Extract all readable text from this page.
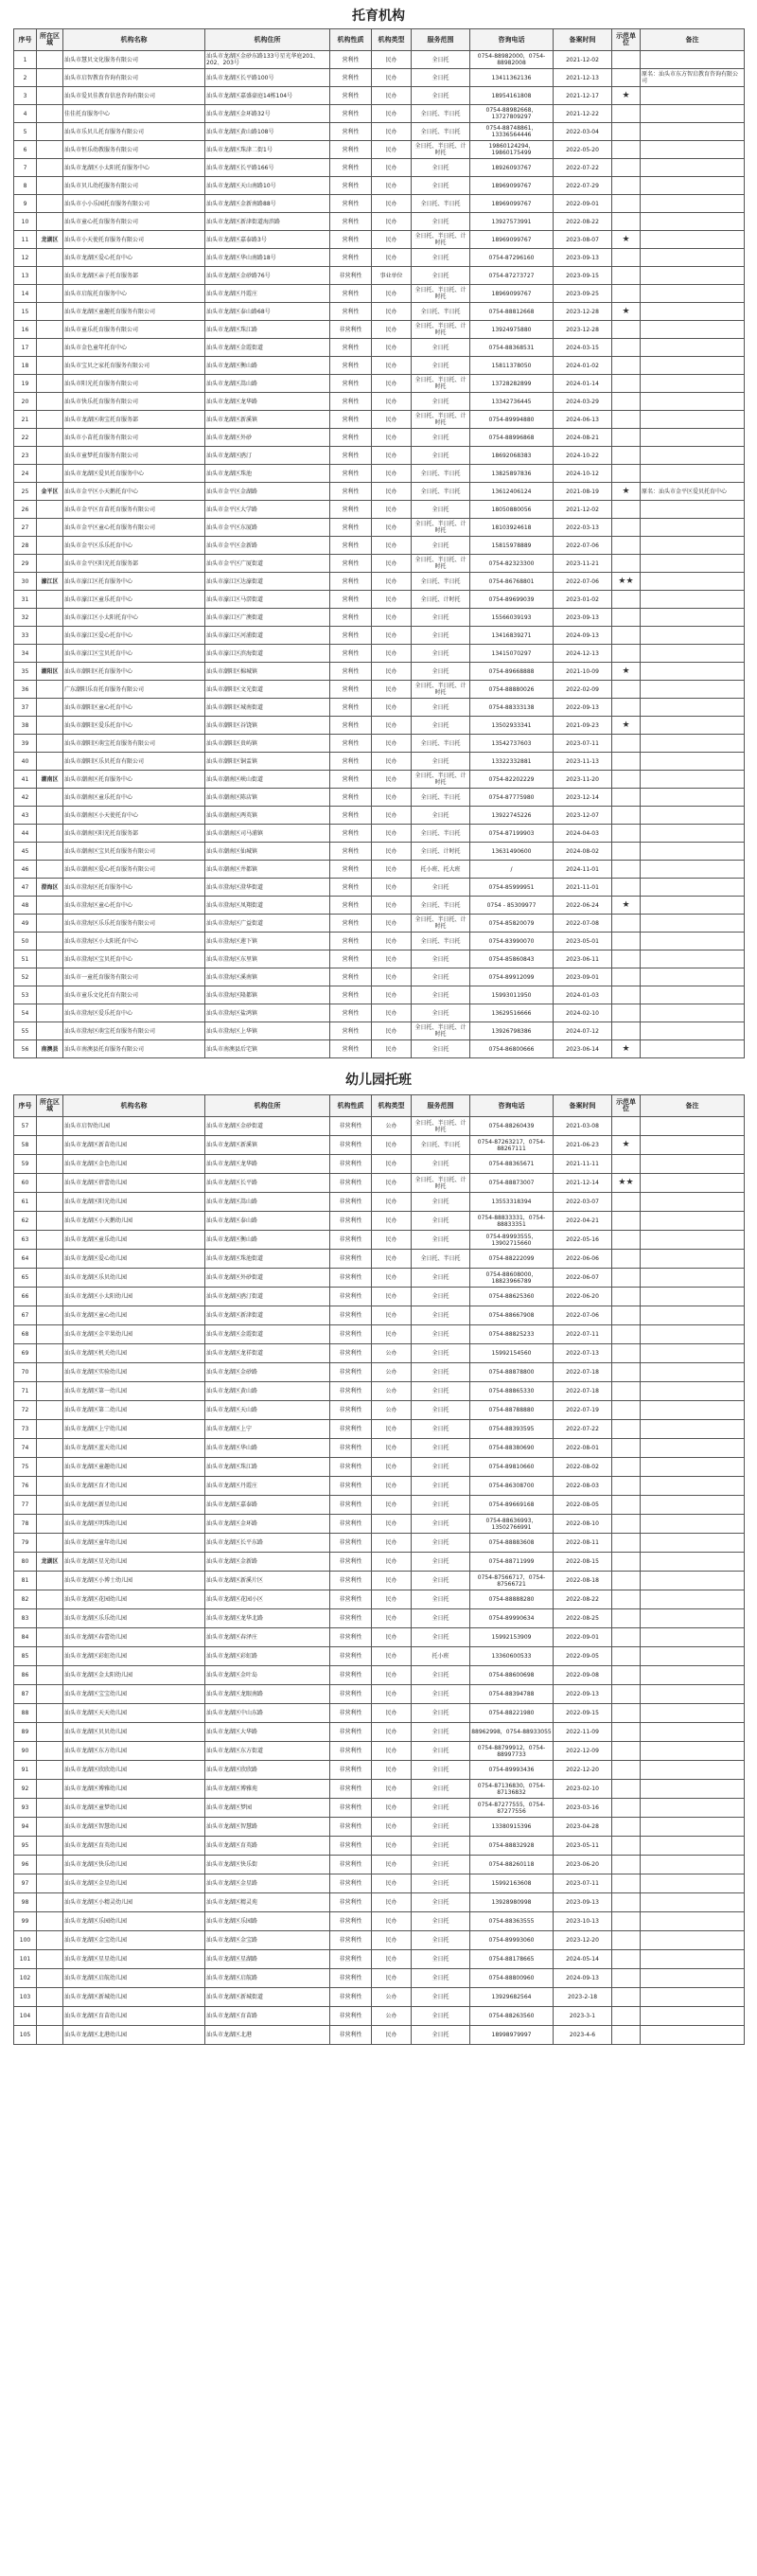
托育机构
序号	所在区域	机构名称	机构住所	机构性质	机构类型	服务范围	咨询电话	备案时间	示范单位	备注
1		汕头市慧贝文化服务有限公司	汕头市龙湖区金砂东路133号星光华庭201、202、203号	营利性	民办	全日托	0754-88982000，0754-88982008	2021-12-02		
2		汕头市启智教育咨询有限公司	汕头市龙湖区长平路100号	营利性	民办	全日托	13411362136	2021-12-13		原名：汕头市东方智启教育咨询有限公司
3		汕头市爱贝佳教育信息咨询有限公司	汕头市龙湖区嘉盛豪庭14栋104号	营利性	民办	全日托	18954161808	2021-12-17	★	
4		佳佳托育服务中心	汕头市龙湖区金环路32号	营利性	民办	全日托、半日托	0754-88982668，13727809297	2021-12-22		
5		汕头市乐贝儿托育服务有限公司	汕头市龙湖区黄山路108号	营利性	民办	全日托、半日托	0754-88748861，13336564446	2022-03-04		
6		汕头市恒乐幼教服务有限公司	汕头市龙湖区珠津二街1号	营利性	民办	全日托、半日托、计时托	19860124294，19860175499	2022-05-20		
7		汕头市龙湖区小太阳托育服务中心	汕头市龙湖区长平路166号	营利性	民办	全日托	18926093767	2022-07-22		
8		汕头市贝儿幼托服务有限公司	汕头市龙湖区天山南路10号	营利性	民办	全日托	18969099767	2022-07-29		
9		汕头市小小乐园托育服务有限公司	汕头市龙湖区金新南路88号	营利性	民办	全日托、半日托	18969099767	2022-09-01		
10		汕头市童心托育服务有限公司	汕头市龙湖区新津街道海滨路	营利性	民办	全日托	13927573991	2022-08-22		
11	龙湖区	汕头市小天使托育服务有限公司	汕头市龙湖区嘉泰路3号	营利性	民办	全日托、半日托、计时托	18969099767	2023-08-07	★	
12		汕头市龙湖区爱心托育中心	汕头市龙湖区华山南路18号	营利性	民办	全日托	0754-87296160	2023-09-13		
13		汕头市龙湖区亲子托育服务部	汕头市龙湖区金砂路76号	非营利性	事业单位	全日托	0754-87273727	2023-09-15		
14		汕头市启航托育服务中心	汕头市龙湖区丹霞庄	营利性	民办	全日托、半日托、计时托	18969099767	2023-09-25		
15		汕头市龙湖区童趣托育服务有限公司	汕头市龙湖区泰山路68号	营利性	民办	全日托、半日托	0754-88812668	2023-12-28	★	
16		汕头市童乐托育服务有限公司	汕头市龙湖区珠江路	非营利性	民办	全日托、半日托、计时托	13924975880	2023-12-28		
17		汕头市金色童年托育中心	汕头市龙湖区金霞街道	营利性	民办	全日托	0754-88368531	2024-03-15		
18		汕头市宝贝之家托育服务有限公司	汕头市龙湖区衡山路	营利性	民办	全日托	15811378050	2024-01-02		
19		汕头市阳光托育服务有限公司	汕头市龙湖区嵩山路	营利性	民办	全日托、半日托、计时托	13728282899	2024-01-14		
20		汕头市快乐托育服务有限公司	汕头市龙湖区龙华路	营利性	民办	全日托	13342736445	2024-03-29		
21		汕头市龙湖区萌宝托育服务部	汕头市龙湖区新溪镇	营利性	民办	全日托、半日托、计时托	0754-89994880	2024-06-13		
22		汕头市小苗托育服务有限公司	汕头市龙湖区外砂	营利性	民办	全日托	0754-88996868	2024-08-21		
23		汕头市童梦托育服务有限公司	汕头市龙湖区鸥汀	营利性	民办	全日托	18692068383	2024-10-22		
24		汕头市龙湖区爱贝托育服务中心	汕头市龙湖区珠池	营利性	民办	全日托、半日托	13825897836	2024-10-12		
25	金平区	汕头市金平区小天鹅托育中心	汕头市金平区金湖路	营利性	民办	全日托、半日托	13612406124	2021-08-19	★	原名：汕头市金平区爱贝托育中心
26		汕头市金平区育苗托育服务有限公司	汕头市金平区大学路	营利性	民办	全日托	18050880056	2021-12-02		
27		汕头市金平区童心托育服务有限公司	汕头市金平区东厦路	营利性	民办	全日托、半日托、计时托	18103924618	2022-03-13		
28		汕头市金平区乐乐托育中心	汕头市金平区金新路	营利性	民办	全日托	15815978889	2022-07-06		
29		汕头市金平区阳光托育服务部	汕头市金平区广厦街道	营利性	民办	全日托、半日托、计时托	0754-82323300	2023-11-21		
30	濠江区	汕头市濠江区托育服务中心	汕头市濠江区达濠街道	营利性	民办	全日托、半日托	0754-86768801	2022-07-06	★★	
31		汕头市濠江区童乐托育中心	汕头市濠江区马滘街道	营利性	民办	全日托、计时托	0754-89699039	2023-01-02		
32		汕头市濠江区小太阳托育中心	汕头市濠江区广澳街道	营利性	民办	全日托	15566039193	2023-09-13		
33		汕头市濠江区爱心托育中心	汕头市濠江区河浦街道	营利性	民办	全日托	13416839271	2024-09-13		
34		汕头市濠江区宝贝托育中心	汕头市濠江区滨海街道	营利性	民办	全日托	13415070297	2024-12-13		
35	潮阳区	汕头市潮阳区托育服务中心	汕头市潮阳区棉城镇	营利性	民办	全日托	0754-89668888	2021-10-09	★	
36		广东潮阳乐育托育服务有限公司	汕头市潮阳区文光街道	营利性	民办	全日托、半日托、计时托	0754-88880026	2022-02-09		
37		汕头市潮阳区童心托育中心	汕头市潮阳区城南街道	营利性	民办	全日托	0754-88333138	2022-09-13		
38		汕头市潮阳区爱乐托育中心	汕头市潮阳区谷饶镇	营利性	民办	全日托	13502933341	2021-09-23	★	
39		汕头市潮阳区萌宝托育服务有限公司	汕头市潮阳区贵屿镇	营利性	民办	全日托、半日托	13542737603	2023-07-11		
40		汕头市潮阳区乐贝托育有限公司	汕头市潮阳区铜盂镇	营利性	民办	全日托	13322332881	2023-11-13		
41	潮南区	汕头市潮南区托育服务中心	汕头市潮南区峡山街道	营利性	民办	全日托、半日托、计时托	0754-82202229	2023-11-20		
42		汕头市潮南区童乐托育中心	汕头市潮南区陈店镇	营利性	民办	全日托、半日托	0754-87775980	2023-12-14		
43		汕头市潮南区小天使托育中心	汕头市潮南区两英镇	营利性	民办	全日托	13922745226	2023-12-07		
44		汕头市潮南区阳光托育服务部	汕头市潮南区司马浦镇	营利性	民办	全日托、半日托	0754-87199903	2024-04-03		
45		汕头市潮南区宝贝托育服务有限公司	汕头市潮南区仙城镇	营利性	民办	全日托、计时托	13631490600	2024-08-02		
46		汕头市潮南区爱心托育服务有限公司	汕头市潮南区井都镇	营利性	民办	托小班、托大班	/	2024-11-01		
47	澄海区	汕头市澄海区托育服务中心	汕头市澄海区澄华街道	营利性	民办	全日托	0754-85999951	2021-11-01		
48		汕头市澄海区童心托育中心	汕头市澄海区凤翔街道	营利性	民办	全日托、半日托	0754 - 85309977	2022-06-24	★	
49		汕头市澄海区乐乐托育服务有限公司	汕头市澄海区广益街道	营利性	民办	全日托、半日托、计时托	0754-85820079	2022-07-08		
50		汕头市澄海区小太阳托育中心	汕头市澄海区莲下镇	营利性	民办	全日托、半日托	0754-83990070	2023-05-01		
51		汕头市澄海区宝贝托育中心	汕头市澄海区东里镇	营利性	民办	全日托	0754-85860843	2023-06-11		
52		汕头市一童托育服务有限公司	汕头市澄海区溪南镇	营利性	民办	全日托	0754-89912099	2023-09-01		
53		汕头市童乐文化托育有限公司	汕头市澄海区隆都镇	营利性	民办	全日托	15993011950	2024-01-03		
54		汕头市澄海区爱乐托育中心	汕头市澄海区盐鸿镇	营利性	民办	全日托	13629516666	2024-02-10		
55		汕头市澄海区萌宝托育服务有限公司	汕头市澄海区上华镇	营利性	民办	全日托、半日托、计时托	13926798386	2024-07-12		
56	南澳县	汕头市南澳县托育服务有限公司	汕头市南澳县后宅镇	营利性	民办	全日托	0754-86800666	2023-06-14	★	
幼儿园托班
序号	所在区域	机构名称	机构住所	机构性质	机构类型	服务范围	咨询电话	备案时间	示范单位	备注
57		汕头市启智幼儿园	汕头市龙湖区金砂街道	非营利性	公办	全日托、半日托、计时托	0754-88260439	2021-03-08		
58		汕头市龙湖区新苗幼儿园	汕头市龙湖区新溪镇	非营利性	民办	全日托、半日托	0754-87263217，0754-88267111	2021-06-23	★	
59		汕头市龙湖区金色幼儿园	汕头市龙湖区龙华路	非营利性	民办	全日托	0754-88365671	2021-11-11		
60		汕头市龙湖区蓓蕾幼儿园	汕头市龙湖区长平路	非营利性	民办	全日托、半日托、计时托	0754-88873007	2021-12-14	★★	
61		汕头市龙湖区阳光幼儿园	汕头市龙湖区嵩山路	非营利性	民办	全日托	13553318394	2022-03-07		
62		汕头市龙湖区小天鹅幼儿园	汕头市龙湖区泰山路	非营利性	民办	全日托	0754-88833331，0754-88833351	2022-04-21		
63		汕头市龙湖区童乐幼儿园	汕头市龙湖区衡山路	非营利性	民办	全日托	0754-89993555，13902715660	2022-05-16		
64		汕头市龙湖区爱心幼儿园	汕头市龙湖区珠池街道	非营利性	民办	全日托、半日托	0754-88222099	2022-06-06		
65		汕头市龙湖区乐贝幼儿园	汕头市龙湖区外砂街道	非营利性	民办	全日托	0754-88608000，18823966789	2022-06-07		
66		汕头市龙湖区小太阳幼儿园	汕头市龙湖区鸥汀街道	非营利性	民办	全日托	0754-88625360	2022-06-20		
67		汕头市龙湖区童心幼儿园	汕头市龙湖区新津街道	非营利性	民办	全日托	0754-88667908	2022-07-06		
68		汕头市龙湖区金苹果幼儿园	汕头市龙湖区金霞街道	非营利性	民办	全日托	0754-88825233	2022-07-11		
69		汕头市龙湖区机关幼儿园	汕头市龙湖区龙祥街道	非营利性	公办	全日托	15992154560	2022-07-13		
70		汕头市龙湖区实验幼儿园	汕头市龙湖区金砂路	非营利性	公办	全日托	0754-88878800	2022-07-18		
71		汕头市龙湖区第一幼儿园	汕头市龙湖区黄山路	非营利性	公办	全日托	0754-88865330	2022-07-18		
72		汕头市龙湖区第二幼儿园	汕头市龙湖区天山路	非营利性	公办	全日托	0754-88788880	2022-07-19		
73		汕头市龙湖区上宁幼儿园	汕头市龙湖区上宁	非营利性	民办	全日托	0754-88393595	2022-07-22		
74		汕头市龙湖区蓝天幼儿园	汕头市龙湖区华山路	非营利性	民办	全日托	0754-88380690	2022-08-01		
75		汕头市龙湖区童趣幼儿园	汕头市龙湖区珠江路	非营利性	民办	全日托	0754-89810660	2022-08-02		
76		汕头市龙湖区育才幼儿园	汕头市龙湖区丹霞庄	非营利性	民办	全日托	0754-86308700	2022-08-03		
77		汕头市龙湖区新星幼儿园	汕头市龙湖区嘉泰路	非营利性	民办	全日托	0754-89669168	2022-08-05		
78		汕头市龙湖区明珠幼儿园	汕头市龙湖区金环路	非营利性	民办	全日托	0754-88636993，13502766991	2022-08-10		
79		汕头市龙湖区童年幼儿园	汕头市龙湖区长平东路	非营利性	民办	全日托	0754-88883608	2022-08-11		
80	龙湖区	汕头市龙湖区星光幼儿园	汕头市龙湖区金新路	非营利性	民办	全日托	0754-88711999	2022-08-15		
81		汕头市龙湖区小博士幼儿园	汕头市龙湖区新溪片区	非营利性	民办	全日托	0754-87566717，0754-87566721	2022-08-18		
82		汕头市龙湖区花园幼儿园	汕头市龙湖区花园小区	非营利性	民办	全日托	0754-88888280	2022-08-22		
83		汕头市龙湖区乐乐幼儿园	汕头市龙湖区龙华北路	非营利性	民办	全日托	0754-89990634	2022-08-25		
84		汕头市龙湖区春蕾幼儿园	汕头市龙湖区春泽庄	非营利性	民办	全日托	15992153909	2022-09-01		
85		汕头市龙湖区彩虹幼儿园	汕头市龙湖区彩虹路	非营利性	民办	托小班	13360600533	2022-09-05		
86		汕头市龙湖区金太阳幼儿园	汕头市龙湖区金叶岛	非营利性	民办	全日托	0754-88600698	2022-09-08		
87		汕头市龙湖区宝宝幼儿园	汕头市龙湖区龙眼南路	非营利性	民办	全日托	0754-88394788	2022-09-13		
88		汕头市龙湖区天天幼儿园	汕头市龙湖区中山东路	非营利性	民办	全日托	0754-88221980	2022-09-15		
89		汕头市龙湖区贝贝幼儿园	汕头市龙湖区大华路	非营利性	民办	全日托	88962998，0754-88933055	2022-11-09		
90		汕头市龙湖区东方幼儿园	汕头市龙湖区东方街道	非营利性	民办	全日托	0754-88799912，0754-88997733	2022-12-09		
91		汕头市龙湖区欣欣幼儿园	汕头市龙湖区欣欣路	非营利性	民办	全日托	0754-89993436	2022-12-20		
92		汕头市龙湖区博雅幼儿园	汕头市龙湖区博雅苑	非营利性	民办	全日托	0754-87136830，0754-87136832	2023-02-10		
93		汕头市龙湖区童梦幼儿园	汕头市龙湖区梦园	非营利性	民办	全日托	0754-87277555，0754-87277556	2023-03-16		
94		汕头市龙湖区智慧幼儿园	汕头市龙湖区智慧路	非营利性	民办	全日托	13380915396	2023-04-28		
95		汕头市龙湖区育英幼儿园	汕头市龙湖区育英路	非营利性	民办	全日托	0754-88832928	2023-05-11		
96		汕头市龙湖区快乐幼儿园	汕头市龙湖区快乐街	非营利性	民办	全日托	0754-88260118	2023-06-20		
97		汕头市龙湖区金星幼儿园	汕头市龙湖区金星路	非营利性	民办	全日托	15992163608	2023-07-11		
98		汕头市龙湖区小精灵幼儿园	汕头市龙湖区精灵苑	非营利性	民办	全日托	13928980998	2023-09-13		
99		汕头市龙湖区乐园幼儿园	汕头市龙湖区乐园路	非营利性	民办	全日托	0754-88363555	2023-10-13		
100		汕头市龙湖区金宝幼儿园	汕头市龙湖区金宝路	非营利性	民办	全日托	0754-89993060	2023-12-20		
101		汕头市龙湖区星星幼儿园	汕头市龙湖区星湖路	非营利性	民办	全日托	0754-88178665	2024-05-14		
102		汕头市龙湖区启航幼儿园	汕头市龙湖区启航路	非营利性	民办	全日托	0754-88800960	2024-09-13		
103		汕头市龙湖区新城幼儿园	汕头市龙湖区新城街道	非营利性	公办	全日托	13929682564	2023-2-18		
104		汕头市龙湖区育苗幼儿园	汕头市龙湖区育苗路	非营利性	公办	全日托	0754-88263560	2023-3-1		
105		汕头市龙湖区北港幼儿园	汕头市龙湖区北港	非营利性	民办	全日托	18998979997	2023-4-6		
